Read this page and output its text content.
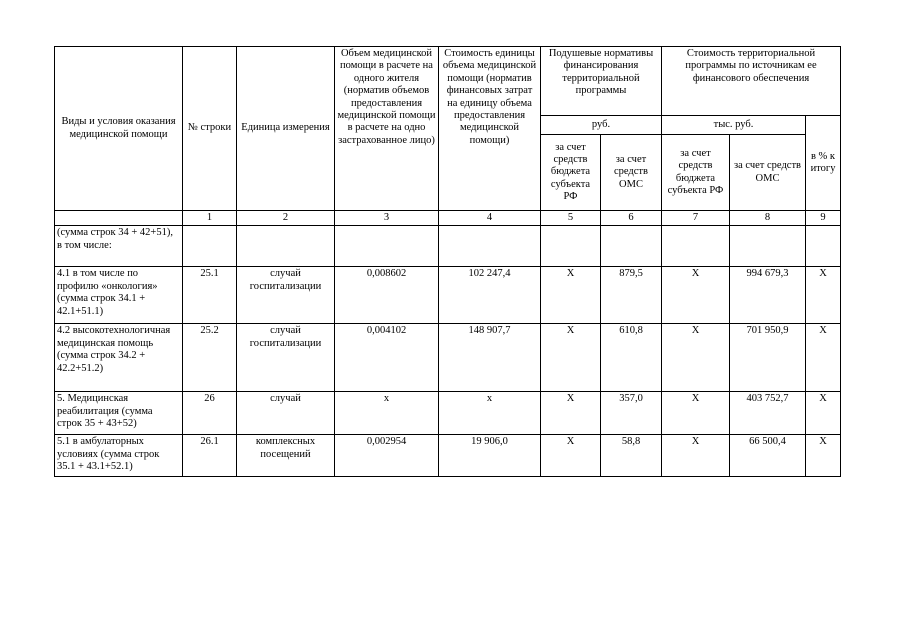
Виды и условия оказания медицинской помощи	№ строки	Единица измерения	Объем медицинской помощи в расчете на одного жителя (норматив объемов предоставления медицинской помощи в расчете на одно застрахованное лицо)	Стоимость единицы объема медицинской помощи (норматив финансовых затрат на единицу объема предоставления медицинской помощи)	Подушевые нормативы финансирования территориальной программы		Стоимость территориальной программы по источникам ее финансового обеспечения		
					руб.		тыс. руб.		в % к итогу
					за счет средств бюджета субъекта РФ	за счет средств ОМС	за счет средств бюджета субъекта РФ	за счет средств ОМС	
	1	2	3	4	5	6	7	8	9
(сумма строк 34 + 42+51), в том числе:									
4.1 в том числе по профилю «онкология» (сумма строк 34.1 + 42.1+51.1)	25.1	случай госпитализации	0,008602	102 247,4	X	879,5	X	994 679,3	X
4.2 высокотехнологичная медицинская помощь (сумма строк 34.2 + 42.2+51.2)	25.2	случай госпитализации	0,004102	148 907,7	X	610,8	X	701 950,9	X
5. Медицинская реабилитация (сумма строк 35 + 43+52)	26	случай	х	х	X	357,0	X	403 752,7	X
5.1 в амбулаторных условиях (сумма строк 35.1 + 43.1+52.1)	26.1	комплексных посещений	0,002954	19 906,0	X	58,8	X	66 500,4	X
